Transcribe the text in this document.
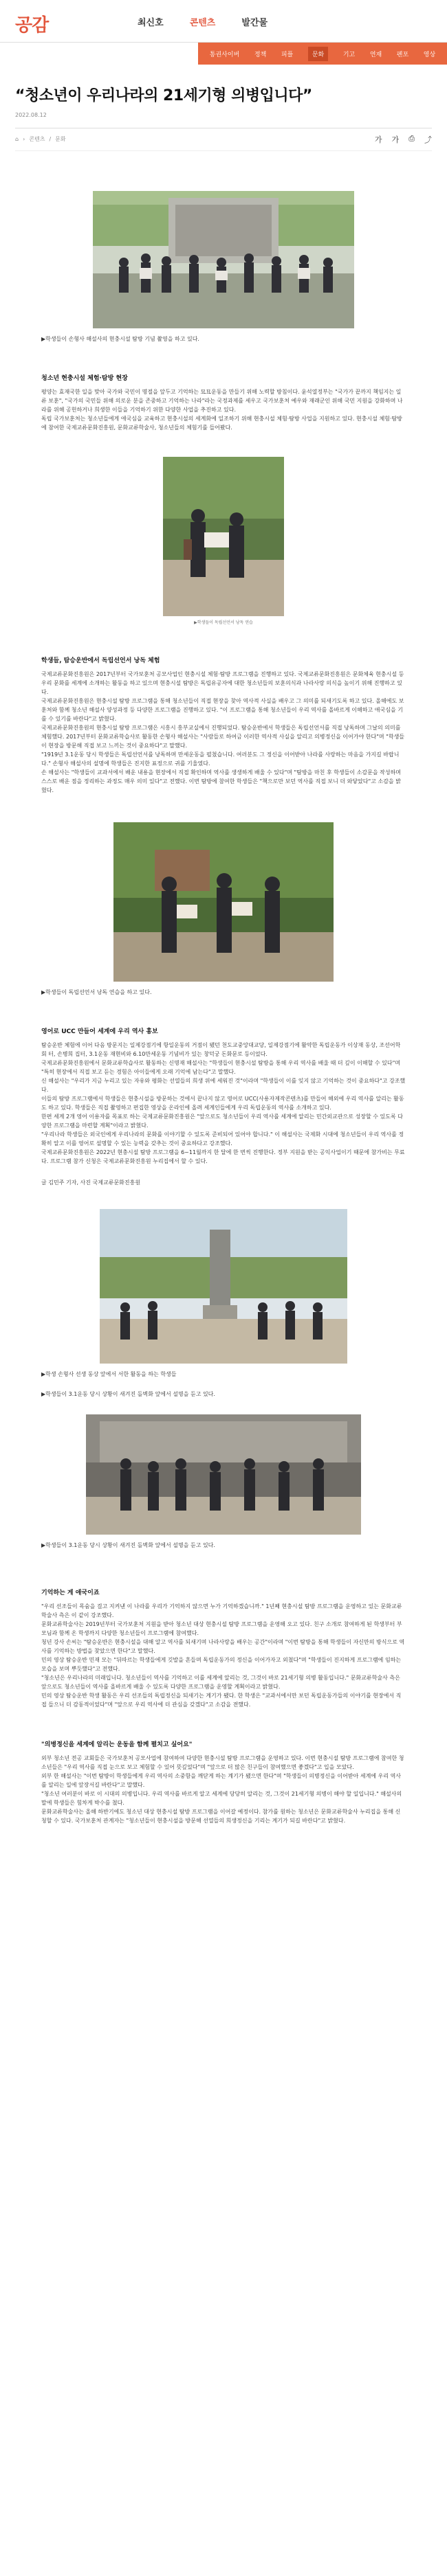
공감	최신호	콘텐츠	발간물
통권사이버 정책 피플	문화	기고 연재 펜포 영상
“청소년이 우리나라의 21세기형 의병입니다”
2022.08.12
⌂ › 콘텐츠 / 문화	가 가 ⎙ ⤴
▶학생들이 손형사 해설사의 현충시설 탐방 기념 촬영을 하고 있다.
청소년 현충시설 체험·탐방 현장
평양는 효재국한 일을 맞아 국가와 국민이 명절을 앞두고 기억하는 묘묘운동을 만들기 위해 노력할 방침이다. 윤석열정부는 "국가가 끝까지 책임지는 일류 보훈", "국가의 국민들 위해 의로운 분을 존중하고 기억하는 나라"라는 국정과제를 세우고 국가보훈처 예우와 재래군인 위해 국민 지원을 강화하며 나라를 위해 공헌하거나 희생한 이들을 기억하기 위한 다양한 사업을 추진하고 있다.
독립 국가보훈처는 청소년들에게 애국심을 교육하고 현충시설의 세계화에 일조하기 위해 현충시설 체험·탐방 사업을 지원하고 있다. 현충시설 체험·탐방에 참여한 국제교류문화진흥원, 문화교류학술사, 청소년들의 체험기를 들어봤다.
▶학생들이 독립선언서 낭독 연습
학생들, 탐승운반에서 독립선언서 낭독 체험
국제교류문화진흥원은 2017년부터 국가보훈처 공모사업인 현충시설 체험·탐방 프로그램을 진행하고 있다. 국제교류문화진흥원은 문화체육 현충시설 등 우리 문화를 세계에 소개하는 활동을 하고 있으며 현충시설 탐방은 독립유공자에 대한 청소년들의 보훈의식과 나라사랑 의식을 높이기 위해 진행하고 있다.
국제교류문화진흥원은 현충시설 탐방 프로그램을 통해 청소년들이 직접 현장을 찾아 역사적 사실을 배우고 그 의미를 되새기도록 하고 있다. 올해에도 보훈처와 함께 청소년 해설사 양성과정 등 다양한 프로그램을 진행하고 있다. "이 프로그램을 통해 청소년들이 우리 역사를 올바르게 이해하고 애국심을 기를 수 있기를 바란다"고 밝혔다.
국제교류문화진흥원의 현충시설 탐방 프로그램은 시흥시 흥부교실에서 진행되었다. 탐승운반에서 학생들은 독립선언서를 직접 낭독하며 그날의 의미를 체험했다. 2017년부터 문화교류학습사로 활동한 손형사 해설사는 "사람들로 하여금 이러한 역사적 사실을 알리고 의병정신을 이어가야 한다"며 "학생들이 현장을 방문해 직접 보고 느끼는 것이 중요하다"고 말했다.
"1919년 3.1운동 당시 학생들은 독립선언서를 낭독하며 만세운동을 펼쳤습니다. 여러분도 그 정신을 이어받아 나라를 사랑하는 마음을 가지길 바랍니다." 손형사 해설사의 설명에 학생들은 진지한 표정으로 귀를 기울였다.
손 해설사는 "학생들이 교과서에서 배운 내용을 현장에서 직접 확인하며 역사를 생생하게 배울 수 있다"며 "탐방을 마친 후 학생들이 소감문을 작성하며 스스로 배운 점을 정리하는 과정도 매우 의미 있다"고 전했다. 이번 탐방에 참여한 학생들은 "책으로만 보던 역사를 직접 보니 더 와닿았다"고 소감을 밝혔다.
▶학생들이 독립선언서 낭독 연습을 하고 있다.
영어로 UCC 만들어 세계에 우리 역사 홍보
탐승운반 체험에 이어 다음 방문지는 일제강점기에 항일운동의 거점이 됐던 천도교중앙대교당, 일제강점기에 활약한 독립운동가 이상재 동상, 조선어학회 터, 손병희 집터, 3.1운동 재현비와 6.10만세운동 기념비가 있는 창덕궁 돈화문로 등이었다.
국제교류문화진흥원에서 문화교류학습사로 활동하는 신명재 해설사는 "학생들이 현충시설 탐방을 통해 우리 역사를 배울 때 더 깊이 이해할 수 있다"며 "특히 현장에서 직접 보고 듣는 경험은 아이들에게 오래 기억에 남는다"고 말했다.
신 해설사는 "우리가 지금 누리고 있는 자유와 평화는 선열들의 희생 위에 세워진 것"이라며 "학생들이 이를 잊지 않고 기억하는 것이 중요하다"고 강조했다.
이들의 탐방 프로그램에서 학생들은 현충시설을 방문하는 것에서 끝나지 않고 영어로 UCC(사용자제작콘텐츠)를 만들어 해외에 우리 역사를 알리는 활동도 하고 있다. 학생들은 직접 촬영하고 편집한 영상을 온라인에 올려 세계인들에게 우리 독립운동의 역사를 소개하고 있다.
한편 세계 2개 영어 이용자를 목표로 하는 국제교류문화진흥원은 "앞으로도 청소년들이 우리 역사를 세계에 알리는 민간외교관으로 성장할 수 있도록 다양한 프로그램을 마련할 계획"이라고 밝혔다.
"우리나라 학생들은 외국인에게 우리나라의 문화를 이야기할 수 있도록 준비되어 있어야 합니다." 이 해설사는 국제화 시대에 청소년들이 우리 역사를 정확히 알고 이를 영어로 설명할 수 있는 능력을 갖추는 것이 중요하다고 강조했다.
국제교류문화진흥원은 2022년 현충시설 탐방 프로그램을 6~11월까지 한 달에 한 번씩 진행한다. 정부 지원을 받는 공익사업이기 때문에 참가비는 무료다. 프로그램 참가 신청은 국제교류문화진흥원 누리집에서 할 수 있다.
글 김민주 기자, 사진 국제교류문화진흥원
▶학생 손형사 선생 동상 앞에서 서한 활동을 하는 학생들
▶학생들이 3.1운동 당시 상황이 새겨진 돌벽화 앞에서 설명을 듣고 있다.
▶학생들이 3.1운동 당시 상황이 새겨진 돌벽화 앞에서 설명을 듣고 있다.
기억하는 게 애국이죠
"우리 선조들이 목숨을 걸고 지켜낸 이 나라를 우리가 기억하지 않으면 누가 기억하겠습니까." 1년째 현충시설 탐방 프로그램을 운영하고 있는 문화교류학술사 측은 이 같이 강조했다.
문화교류학술사는 2019년부터 국가보훈처 지원을 받아 청소년 대상 현충시설 탐방 프로그램을 운영해 오고 있다. 친구 소개로 참여하게 된 학생부터 부모님과 함께 온 학생까지 다양한 청소년들이 프로그램에 참여했다.
청년 강사 손씨는 "탐승운반은 현충시설을 대해 알고 역사를 되새기며 나라사랑을 배우는 공간"이라며 "이번 탐방을 통해 학생들이 자신만의 방식으로 역사를 기억하는 방법을 찾았으면 한다"고 말했다.
민의 영상 탐승운반 민재 모는 "뒤따르는 학생들에게 깃발을 흔들며 독립운동가의 정신을 이어가자고 외쳤다"며 "학생들이 진지하게 프로그램에 임하는 모습을 보며 뿌듯했다"고 전했다.
"청소년은 우리나라의 미래입니다. 청소년들이 역사를 기억하고 이를 세계에 알리는 것, 그것이 바로 21세기형 의병 활동입니다." 문화교류학술사 측은 앞으로도 청소년들이 역사를 올바르게 배울 수 있도록 다양한 프로그램을 운영할 계획이라고 밝혔다.
민의 영상 탐승운반 학생 활동은 우리 선조들의 독립정신을 되새기는 계기가 됐다. 한 학생은 "교과서에서만 보던 독립운동가들의 이야기를 현장에서 직접 들으니 더 감동적이었다"며 "앞으로 우리 역사에 더 관심을 갖겠다"고 소감을 전했다.
"의병정신을 세계에 알리는 운동을 함께 펼치고 싶어요"
외부 청소년 전공 교회들은 국가보훈처 공모사업에 참여하여 다양한 현충시설 탐방 프로그램을 운영하고 있다. 이번 현충시설 탐방 프로그램에 참여한 청소년들은 "우리 역사를 직접 눈으로 보고 체험할 수 있어 뜻깊었다"며 "앞으로 더 많은 친구들이 참여했으면 좋겠다"고 입을 모았다.
외부 한 해설사는 "이번 탐방이 학생들에게 우리 역사의 소중함을 깨닫게 하는 계기가 됐으면 한다"며 "학생들이 의병정신을 이어받아 세계에 우리 역사를 알리는 일에 앞장서길 바란다"고 말했다.
"청소년 여러분이 바로 이 시대의 의병입니다. 우리 역사를 바르게 알고 세계에 당당히 알리는 것, 그것이 21세기형 의병이 해야 할 일입니다." 해설사의 말에 학생들은 힘차게 박수를 쳤다.
문화교류학술사는 올해 하반기에도 청소년 대상 현충시설 탐방 프로그램을 이어갈 예정이다. 참가를 원하는 청소년은 문화교류학술사 누리집을 통해 신청할 수 있다. 국가보훈처 관계자는 "청소년들이 현충시설을 방문해 선열들의 희생정신을 기리는 계기가 되길 바란다"고 밝혔다.
